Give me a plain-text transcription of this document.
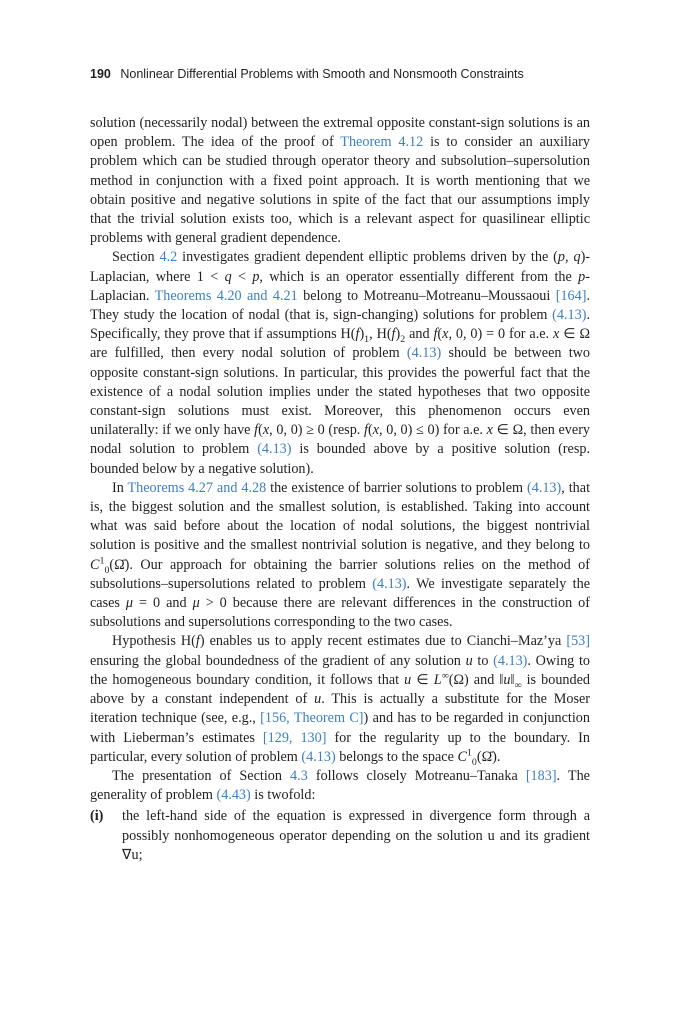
190 Nonlinear Differential Problems with Smooth and Nonsmooth Constraints

solution (necessarily nodal) between the extremal opposite constant-sign solutions is an open problem. The idea of the proof of Theorem 4.12 is to consider an auxiliary problem which can be studied through operator theory and subsolution–supersolution method in conjunction with a fixed point approach. It is worth mentioning that we obtain positive and negative solutions in spite of the fact that our assumptions imply that the trivial solution exists too, which is a relevant aspect for quasilinear elliptic problems with general gradient dependence.

Section 4.2 investigates gradient dependent elliptic problems driven by the (p, q)-Laplacian, where 1 < q < p, which is an operator essentially different from the p-Laplacian. Theorems 4.20 and 4.21 belong to Motreanu–Motreanu–Moussaoui [164]. They study the location of nodal (that is, sign-changing) solutions for problem (4.13). Specifically, they prove that if assumptions $H(f)_1$, $H(f)_2$ and f(x, 0, 0) = 0 for a.e. x ∈ Ω are fulfilled, then every nodal solution of problem (4.13) should be between two opposite constant-sign solutions. In particular, this provides the powerful fact that the existence of a nodal solution implies under the stated hypotheses that two opposite constant-sign solutions must exist. Moreover, this phenomenon occurs even unilaterally: if we only have f(x, 0, 0) ≥ 0 (resp. f(x, 0, 0) ≤ 0) for a.e. x ∈ Ω, then every nodal solution to problem (4.13) is bounded above by a positive solution (resp. bounded below by a negative solution).

In Theorems 4.27 and 4.28 the existence of barrier solutions to problem (4.13), that is, the biggest solution and the smallest solution, is established. Taking into account what was said before about the location of nodal solutions, the biggest nontrivial solution is positive and the smallest nontrivial solution is negative, and they belong to $C^1_0(\Omegā)$. Our approach for obtaining the barrier solutions relies on the method of subsolutions–supersolutions related to problem (4.13). We investigate separately the cases μ = 0 and μ > 0 because there are relevant differences in the construction of subsolutions and supersolutions corresponding to the two cases.

Hypothesis H(f) enables us to apply recent estimates due to Cianchi–Maz’ya [53] ensuring the global boundedness of the gradient of any solution u to (4.13). Owing to the homogeneous boundary condition, it follows that u ∈ L∞(Ω) and $‖u‖_\infty$ is bounded above by a constant independent of u. This is actually a substitute for the Moser iteration technique (see, e.g., [156, Theorem C]) and has to be regarded in conjunction with Lieberman’s estimates [129, 130] for the regularity up to the boundary. In particular, every solution of problem (4.13) belongs to the space $C^1_0(\Omegā)$.

The presentation of Section 4.3 follows closely Motreanu–Tanaka [183]. The generality of problem (4.43) is twofold:

(i)	the left-hand side of the equation is expressed in divergence form through a possibly nonhomogeneous operator depending on the solution u and its gradient ∇u;
